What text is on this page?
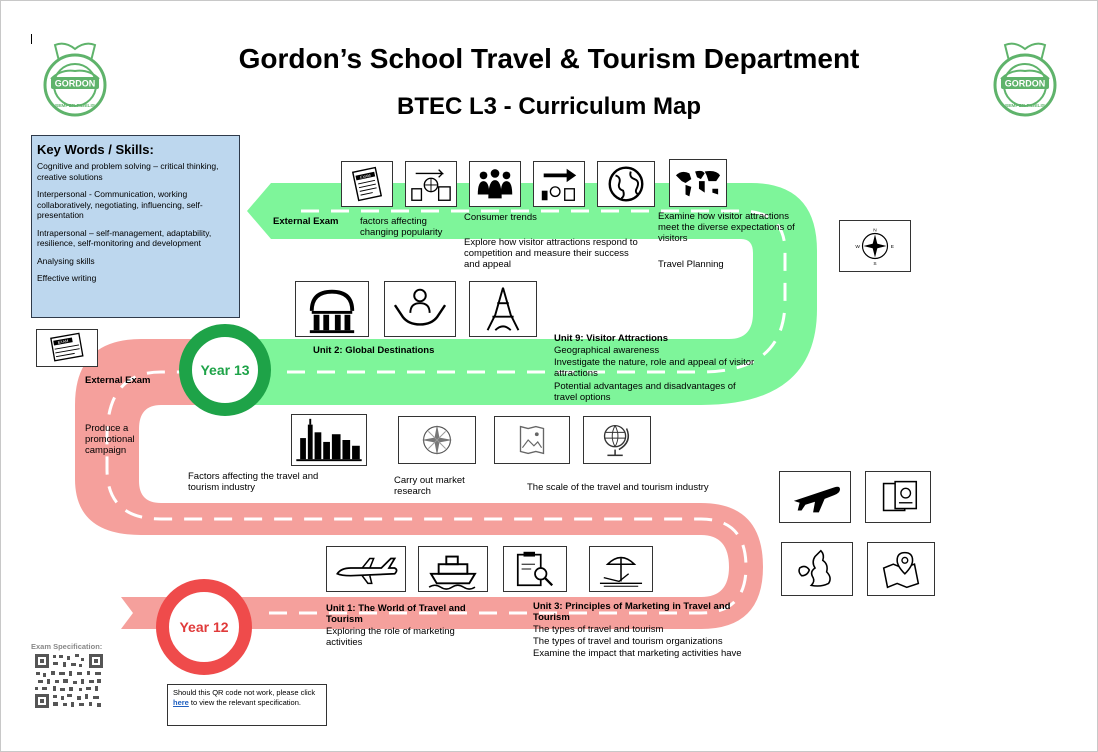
GORDON
SEMPER FIDELIS
GORDON
SEMPER FIDELIS
Gordon’s School Travel & Tourism Department
BTEC L3 - Curriculum Map
Year 13
Year 12
Key Words / Skills:
Cognitive and problem solving – critical thinking, creative solutions
Interpersonal - Communication, working collaboratively, negotiating, influencing, self-presentation
Intrapersonal – self-management, adaptability, resilience, self-monitoring and development
Analysing skills
Effective writing
EXAM
N
S
E
W
EXAM
External Exam factors affecting changing popularity
Consumer trends
Explore how visitor attractions respond to competition and measure their success and appeal
Examine how visitor attractions meet the diverse expectations of visitors
Travel Planning
Unit 2: Global Destinations
Unit 9: Visitor Attractions
Geographical awareness
Investigate the nature, role and appeal of visitor attractions
Potential advantages and disadvantages of travel options
External Exam
Produce a promotional campaign
Factors affecting the travel and tourism industry
Carry out market research	The scale of the travel and tourism industry
Unit 1: The World of Travel and Tourism
Exploring the role of marketing activities
Unit 3: Principles of Marketing in Travel and Tourism
The types of travel and tourism
The types of travel and tourism organizations
Examine the impact that marketing activities have
Exam Specification:
Should this QR code not work, please click here to view the relevant specification.
